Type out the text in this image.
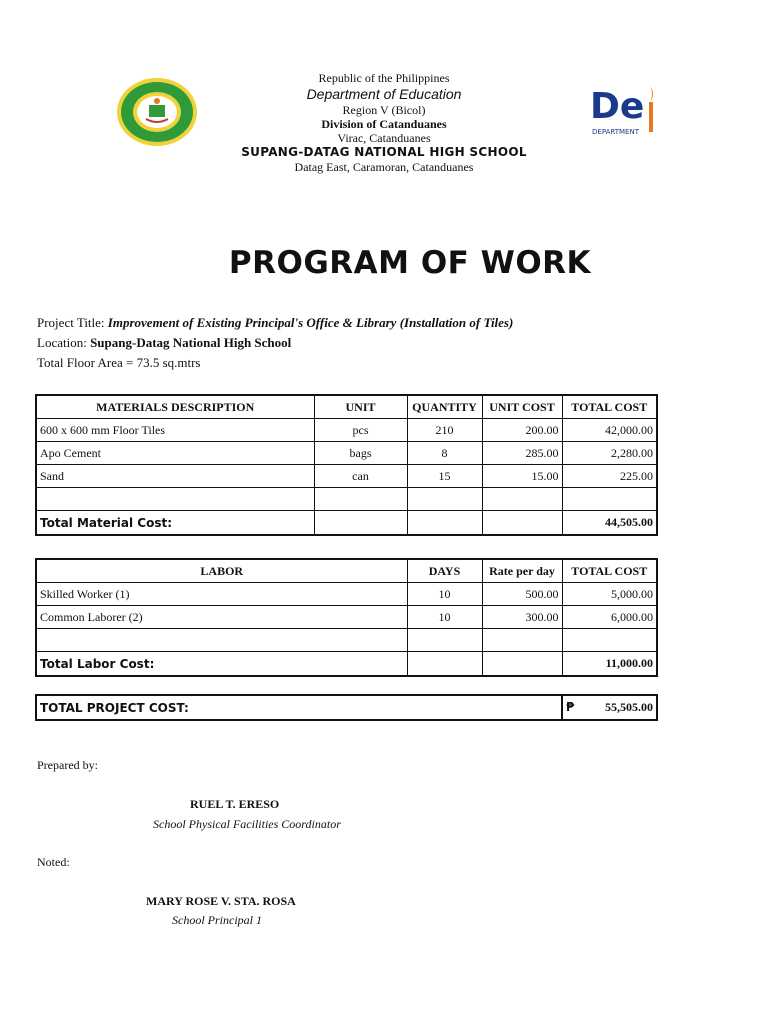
De
DEPARTMENT
Republic of the Philippines
Department of Education
Region V (Bicol)
Division of Catanduanes
Virac, Catanduanes
SUPANG-DATAG NATIONAL HIGH SCHOOL
Datag East, Caramoran, Catanduanes
PROGRAM OF WORK
Project Title: Improvement of Existing Principal's Office & Library (Installation of Tiles)
Location: Supang-Datag National High School
Total Floor Area = 73.5 sq.mtrs
MATERIALS DESCRIPTION	UNIT	QUANTITY	UNIT COST	TOTAL COST
600 x 600 mm Floor Tiles	pcs	210	200.00	42,000.00
Apo Cement	bags	8	285.00	2,280.00
Sand	can	15	15.00	225.00

Total Material Cost:				44,505.00
LABOR	DAYS	Rate per day	TOTAL COST
Skilled Worker (1)	10	500.00	5,000.00
Common Laborer (2)	10	300.00	6,000.00

Total Labor Cost:			11,000.00
TOTAL PROJECT COST:	₱	55,505.00
Prepared by:
RUEL T. ERESO
School Physical Facilities Coordinator
Noted:
MARY ROSE V. STA. ROSA
School Principal 1
